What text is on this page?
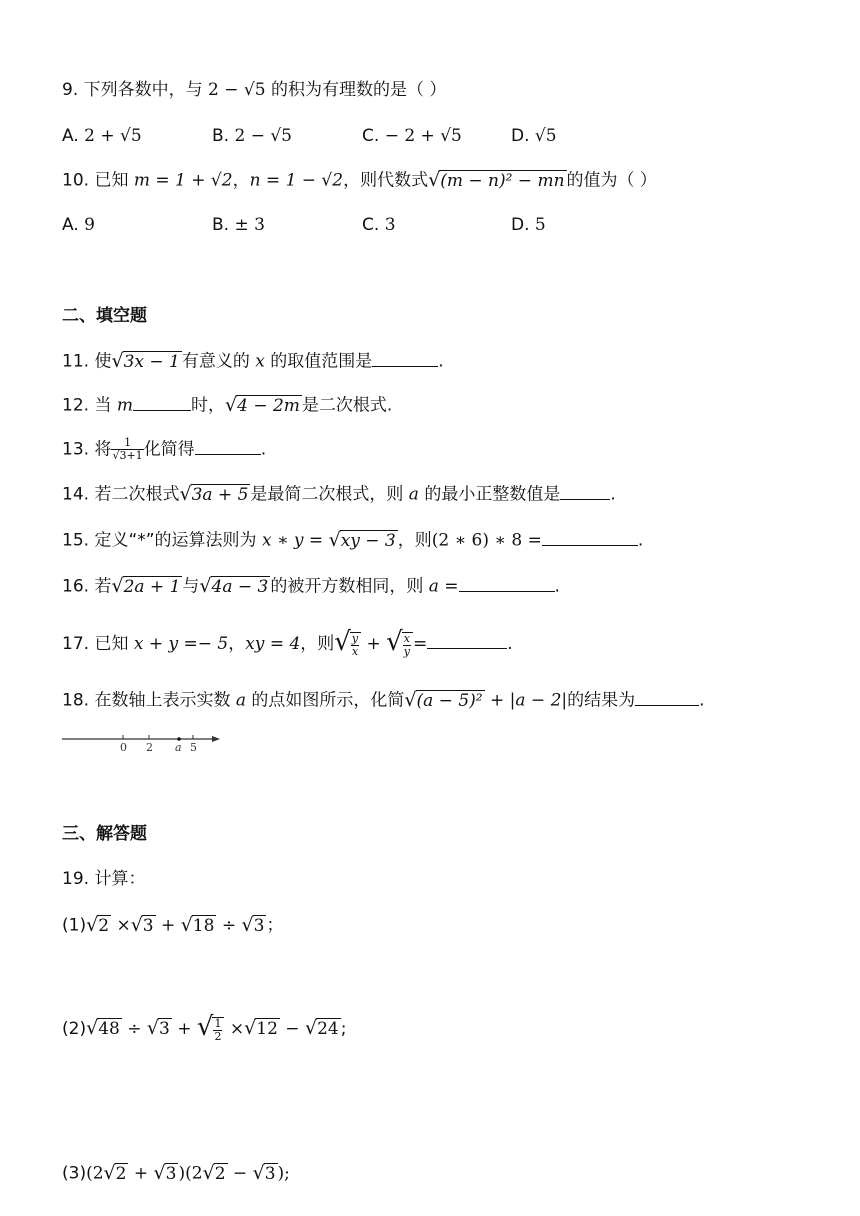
9. 下列各数中，与 2 − √5 的积为有理数的是（ ）
A. 2 + √5	B. 2 − √5	C. − 2 + √5	D. √5
10. 已知 m = 1 + √2，n = 1 − √2，则代数式√(m − n)² − mn 的值为（ ）
A. 9	B. ± 3	C. 3	D. 5
二、填空题
11. 使√3x − 1 有意义的 x 的取值范围是	.
12. 当 m	时，√4 − 2m 是二次根式.
13. 将 $\frac{1}{√3+1}$ 化简得	.
14. 若二次根式√3a + 5 是最简二次根式，则 a 的最小正整数值是	.
15. 定义“*”的运算法则为 x ∗ y = √xy − 3 ，则(2 ∗ 6) ∗ 8 =	.
16. 若√2a + 1 与√4a − 3 的被开方数相同，则 a =	.
17. 已知 x + y =− 5，xy = 4，则√ $\frac{y}{x}$ + √ $\frac{x}{y}$ =	.
18. 在数轴上表示实数 a 的点如图所示，化简√(a − 5)² + |a − 2|的结果为	.
0 2 a 5
三、解答题
19. 计算：
(1)√2 ×√3 + √18 ÷ √3 ；
(2)√48 ÷ √3 + √ $\frac{1}{2} \times√12 - √24$ ;
(3)(2√2 + √3 )(2√2 − √3 );
